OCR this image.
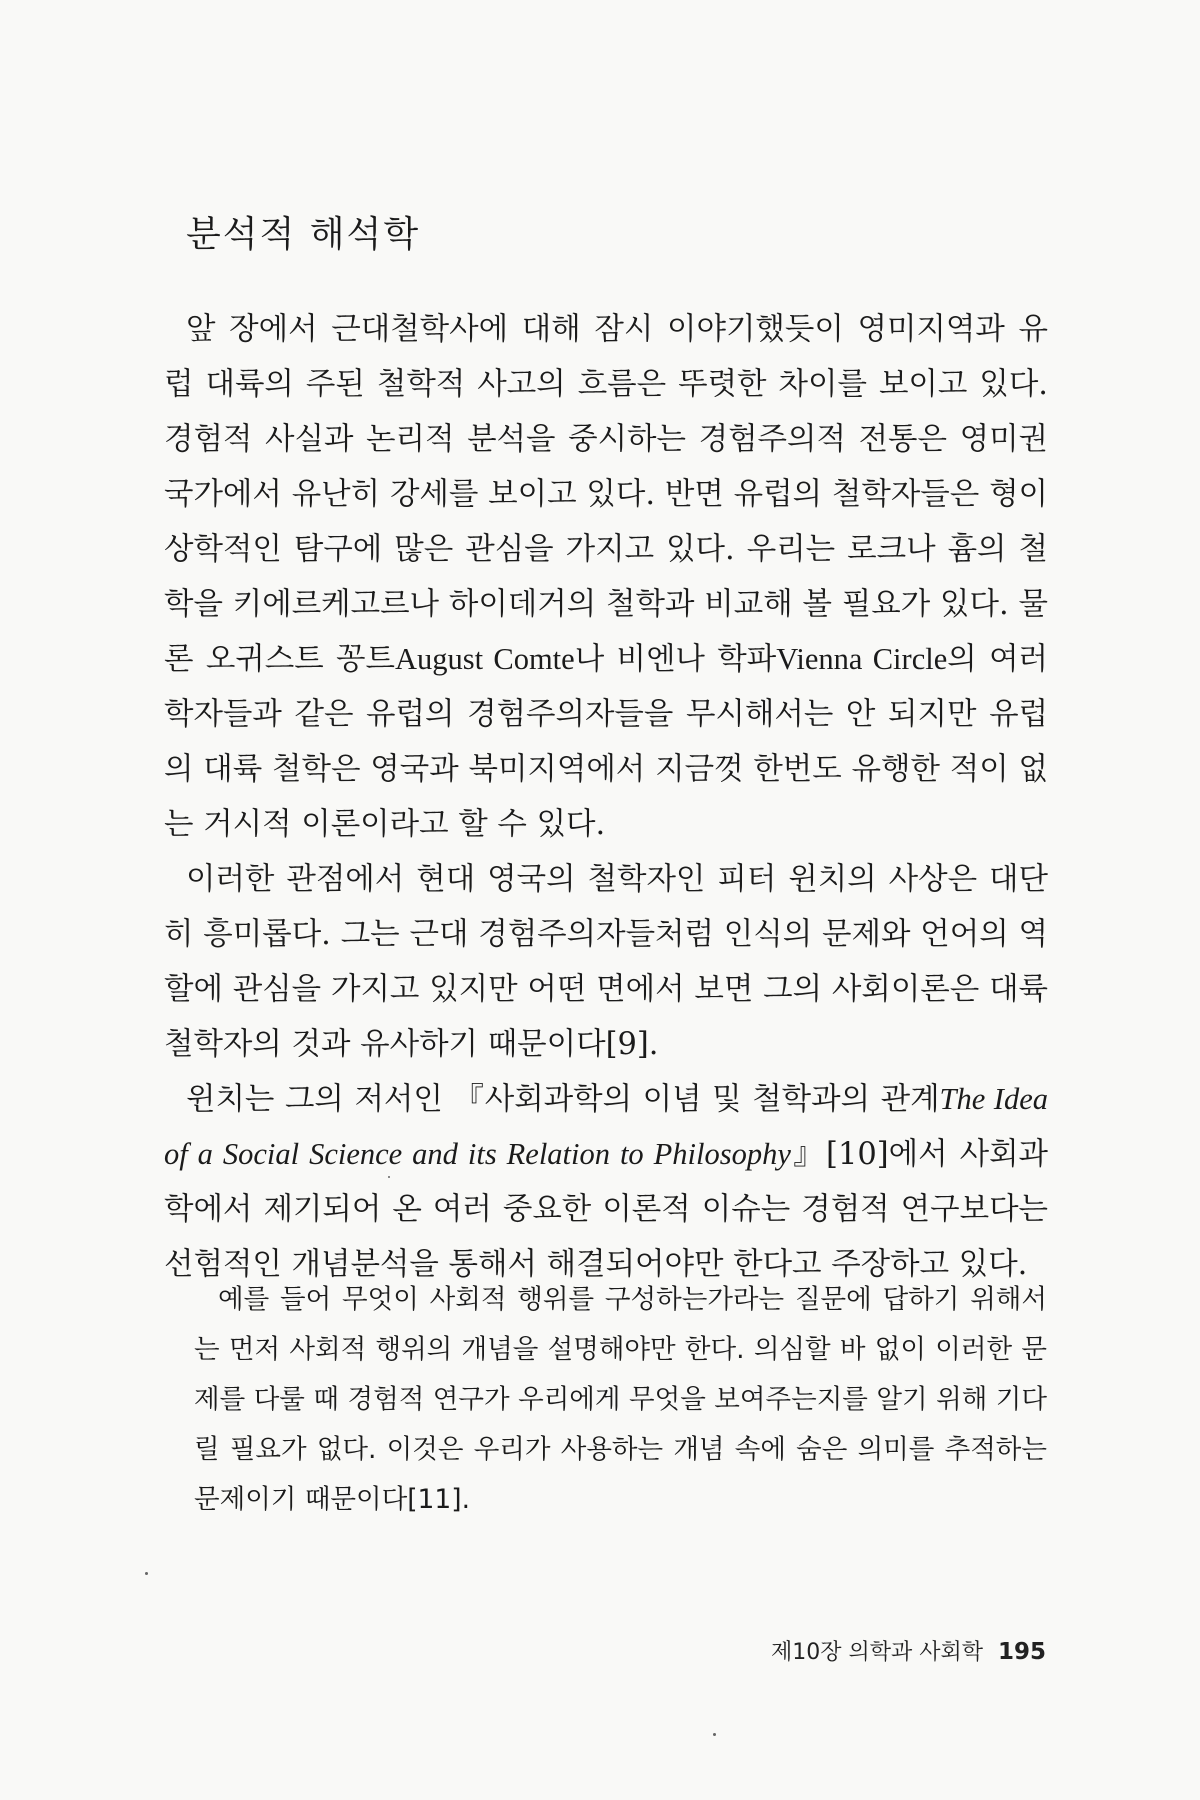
분석적 해석학

앞 장에서 근대철학사에 대해 잠시 이야기했듯이 영미지역과 유럽 대륙의 주된 철학적 사고의 흐름은 뚜렷한 차이를 보이고 있다. 경험적 사실과 논리적 분석을 중시하는 경험주의적 전통은 영미권 국가에서 유난히 강세를 보이고 있다. 반면 유럽의 철학자들은 형이상학적인 탐구에 많은 관심을 가지고 있다. 우리는 로크나 흄의 철학을 키에르케고르나 하이데거의 철학과 비교해 볼 필요가 있다. 물론 오귀스트 꽁트August Comte나 비엔나 학파Vienna Circle의 여러 학자들과 같은 유럽의 경험주의자들을 무시해서는 안 되지만 유럽의 대륙 철학은 영국과 북미지역에서 지금껏 한번도 유행한 적이 없는 거시적 이론이라고 할 수 있다.

이러한 관점에서 현대 영국의 철학자인 피터 윈치의 사상은 대단히 흥미롭다. 그는 근대 경험주의자들처럼 인식의 문제와 언어의 역할에 관심을 가지고 있지만 어떤 면에서 보면 그의 사회이론은 대륙 철학자의 것과 유사하기 때문이다[9].

윈치는 그의 저서인 『사회과학의 이념 및 철학과의 관계The Idea of a Social Science and its Relation to Philosophy』[10]에서 사회과학에서 제기되어 온 여러 중요한 이론적 이슈는 경험적 연구보다는 선험적인 개념분석을 통해서 해결되어야만 한다고 주장하고 있다.

예를 들어 무엇이 사회적 행위를 구성하는가라는 질문에 답하기 위해서는 먼저 사회적 행위의 개념을 설명해야만 한다. 의심할 바 없이 이러한 문제를 다룰 때 경험적 연구가 우리에게 무엇을 보여주는지를 알기 위해 기다릴 필요가 없다. 이것은 우리가 사용하는 개념 속에 숨은 의미를 추적하는 문제이기 때문이다[11].

제10장 의학과 사회학 195
